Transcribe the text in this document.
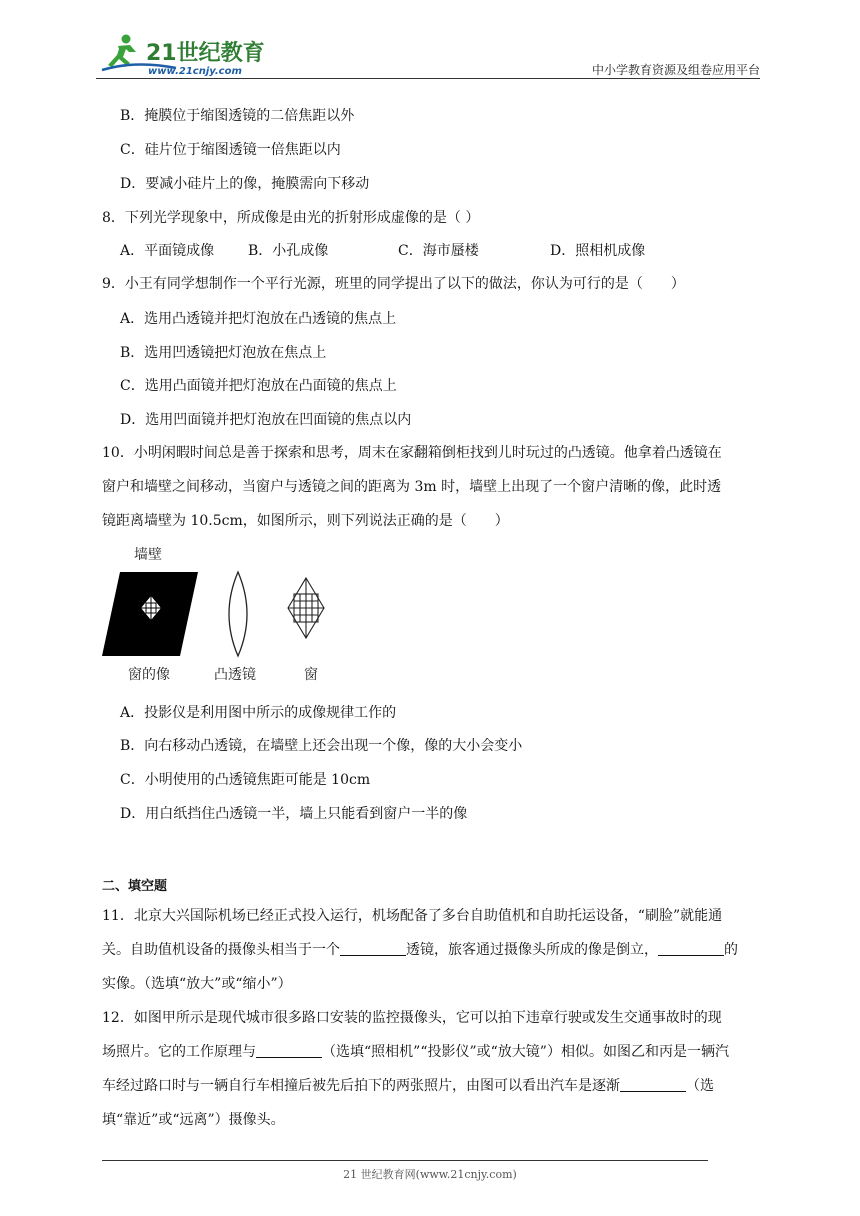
21世纪教育
www.21cnjy.com	中小学教育资源及组卷应用平台
B．掩膜位于缩图透镜的二倍焦距以外
C．硅片位于缩图透镜一倍焦距以内
D．要减小硅片上的像，掩膜需向下移动
8．下列光学现象中，所成像是由光的折射形成虚像的是（ ）
A．平面镜成像 B．小孔成像	C．海市蜃楼	D．照相机成像
9．小王有同学想制作一个平行光源，班里的同学提出了以下的做法，你认为可行的是（　　）
A．选用凸透镜并把灯泡放在凸透镜的焦点上
B．选用凹透镜把灯泡放在焦点上
C．选用凸面镜并把灯泡放在凸面镜的焦点上
D．选用凹面镜并把灯泡放在凹面镜的焦点以内
10．小明闲暇时间总是善于探索和思考，周末在家翻箱倒柜找到儿时玩过的凸透镜。他拿着凸透镜在
窗户和墙壁之间移动，当窗户与透镜之间的距离为 3m 时，墙壁上出现了一个窗户清晰的像，此时透
镜距离墙壁为 10.5cm，如图所示，则下列说法正确的是（　　）
墙壁
窗的像	凸透镜	窗
A．投影仪是利用图中所示的成像规律工作的
B．向右移动凸透镜，在墙壁上还会出现一个像，像的大小会变小
C．小明使用的凸透镜焦距可能是 10cm
D．用白纸挡住凸透镜一半，墙上只能看到窗户一半的像
二、填空题
11．北京大兴国际机场已经正式投入运行，机场配备了多台自助值机和自助托运设备，“刷脸”就能通
关。自助值机设备的摄像头相当于一个	透镜，旅客通过摄像头所成的像是倒立，	的
实像。（选填“放大”或“缩小”）
12．如图甲所示是现代城市很多路口安装的监控摄像头，它可以拍下违章行驶或发生交通事故时的现
场照片。它的工作原理与	（选填“照相机”“投影仪”或“放大镜”）相似。如图乙和丙是一辆汽
车经过路口时与一辆自行车相撞后被先后拍下的两张照片，由图可以看出汽车是逐渐	（选
填“靠近”或“远离”）摄像头。
21 世纪教育网(www.21cnjy.com)
